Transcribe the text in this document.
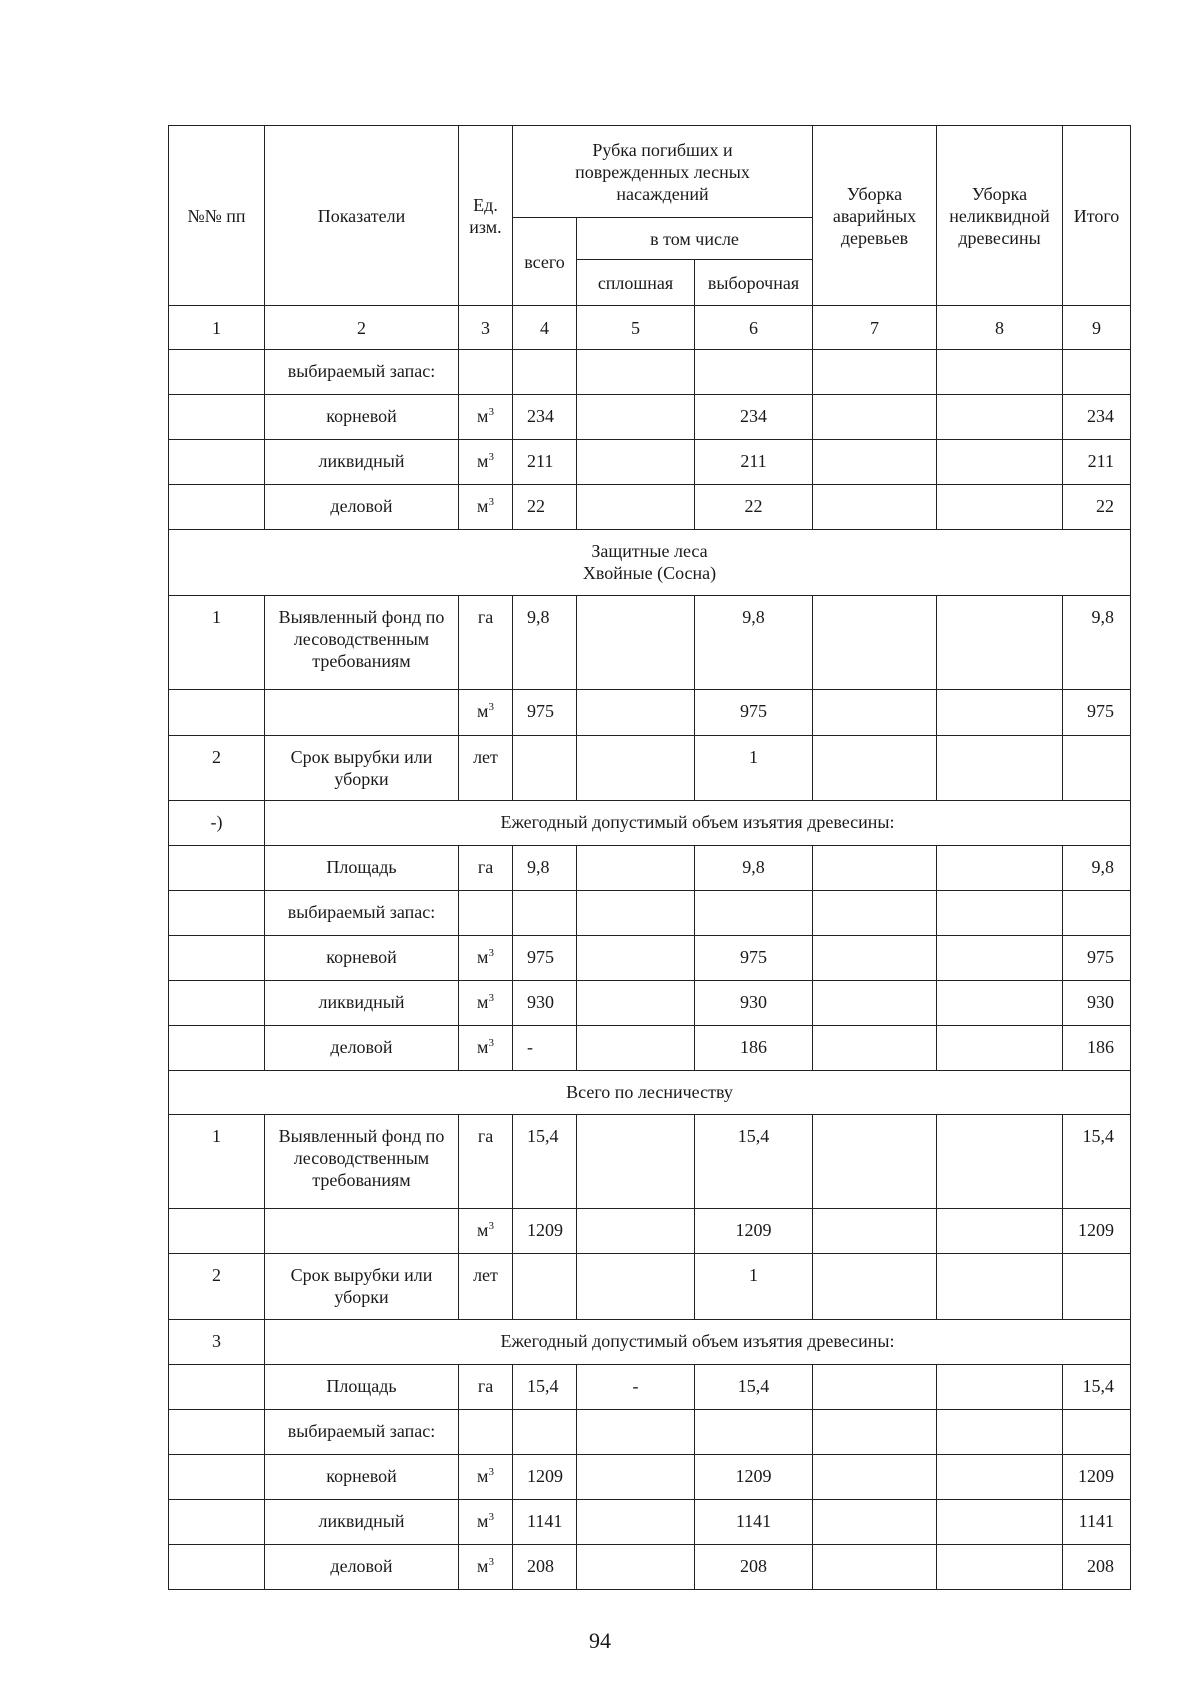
№№ пп	Показатели	Ед. изм.	Рубка погибших и поврежденных лесных насаждений			Уборка аварийных деревьев	Уборка неликвидной древесины	Итого
			всего	в том числе				
				сплошная	выборочная			
1	2	3	4	5	6	7	8	9
	выбираемый запас:							
	корневой	$м^3$	234		234			234
	ликвидный	$м^3$	211		211			211
	деловой	$м^3$	22		22			22

Защитные леса
Хвойные (Сосна)								

1	Выявленный фонд по лесоводственным требованиям	га	9,8		9,8			9,8
		$м^3$	975		975			975
2	Срок вырубки или уборки	лет			1			
-)	Ежегодный допустимый объем изъятия древесины:							
	Площадь	га	9,8		9,8			9,8
	выбираемый запас:							
	корневой	$м^3$	975		975			975
	ликвидный	$м^3$	930		930			930
	деловой	$м^3$	-		186			186
Всего по лесничеству								
1	Выявленный фонд по лесоводственным требованиям	га	15,4		15,4			15,4
		$м^3$	1209		1209			1209
2	Срок вырубки или уборки	лет			1			
3	Ежегодный допустимый объем изъятия древесины:							
	Площадь	га	15,4	-	15,4			15,4
	выбираемый запас:							
	корневой	$м^3$	1209		1209			1209
	ликвидный	$м^3$	1141		1141			1141
	деловой	$м^3$	208		208			208
94
